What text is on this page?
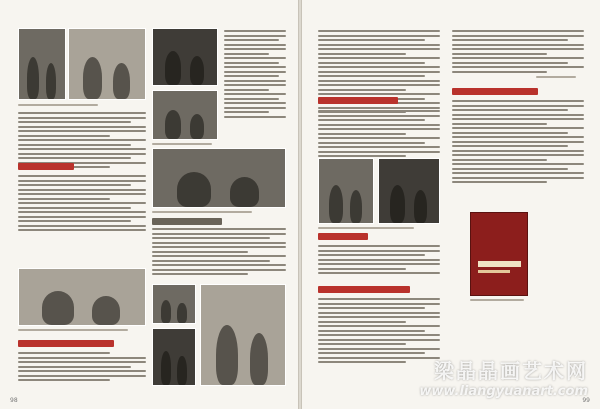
98	99
梁晶晶画艺术网
www.liangyuanart.com
